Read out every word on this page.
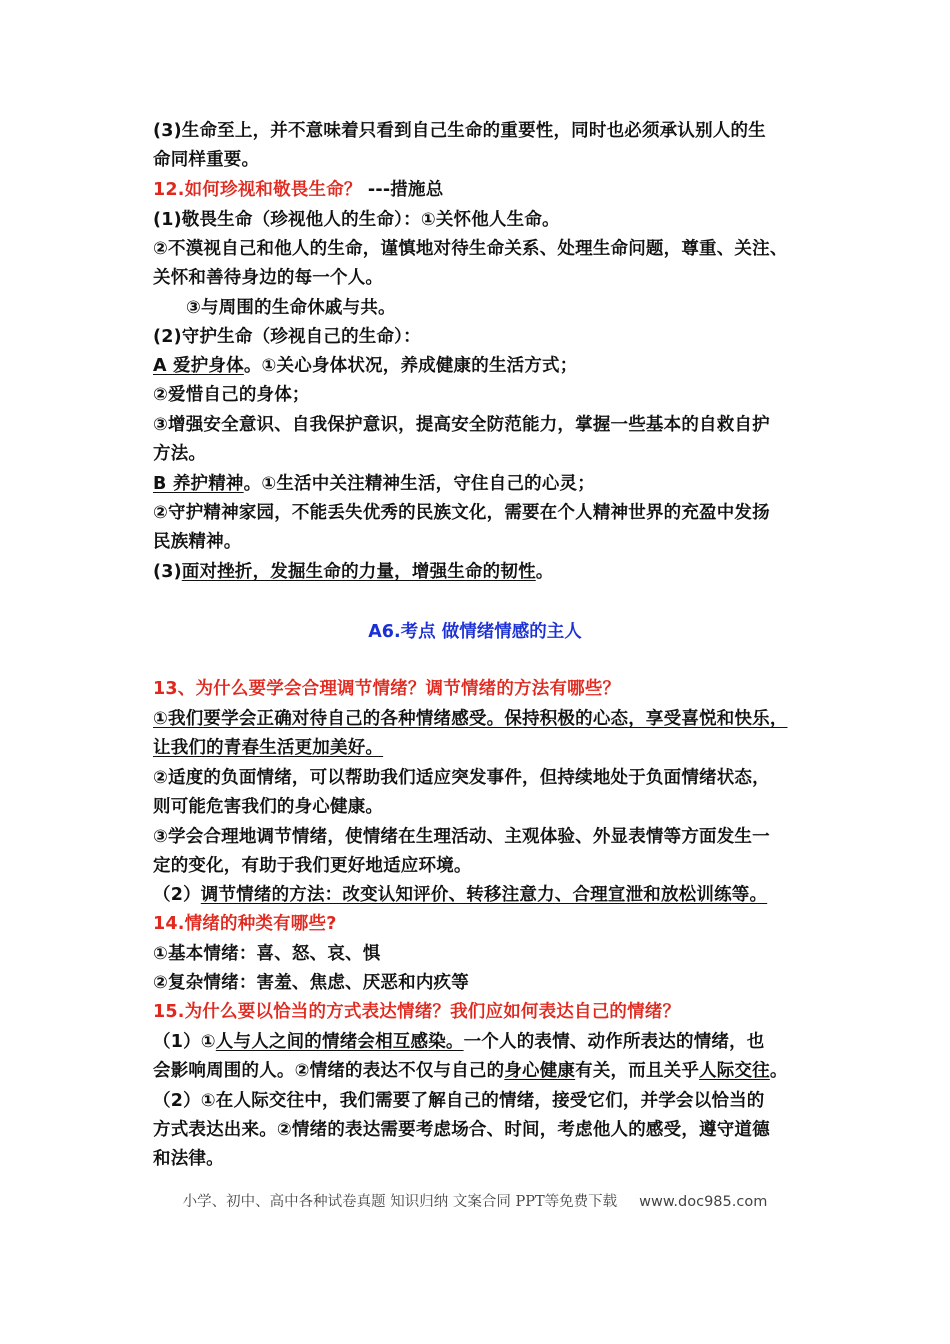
(3)生命至上，并不意味着只看到自己生命的重要性，同时也必须承认别人的生
命同样重要。
12.如何珍视和敬畏生命？ ---措施总
(1)敬畏生命（珍视他人的生命）：①关怀他人生命。
②不漠视自己和他人的生命，谨慎地对待生命关系、处理生命问题，尊重、关注、
关怀和善待身边的每一个人。
③与周围的生命休戚与共。
(2)守护生命（珍视自己的生命）：
A 爱护身体。①关心身体状况，养成健康的生活方式；
②爱惜自己的身体；
③增强安全意识、自我保护意识，提高安全防范能力，掌握一些基本的自救自护
方法。
B 养护精神。①生活中关注精神生活，守住自己的心灵；
②守护精神家园，不能丢失优秀的民族文化，需要在个人精神世界的充盈中发扬
民族精神。
(3)面对挫折，发掘生命的力量，增强生命的韧性。
A6.考点 做情绪情感的主人
13、为什么要学会合理调节情绪？调节情绪的方法有哪些？
①我们要学会正确对待自己的各种情绪感受。保持积极的心态，享受喜悦和快乐，
让我们的青春生活更加美好。
②适度的负面情绪，可以帮助我们适应突发事件，但持续地处于负面情绪状态，
则可能危害我们的身心健康。
③学会合理地调节情绪，使情绪在生理活动、主观体验、外显表情等方面发生一
定的变化，有助于我们更好地适应环境。
（2）调节情绪的方法：改变认知评价、转移注意力、合理宣泄和放松训练等。
14.情绪的种类有哪些?
①基本情绪：喜、怒、哀、惧
②复杂情绪：害羞、焦虑、厌恶和内疚等
15.为什么要以恰当的方式表达情绪？我们应如何表达自己的情绪？
（1）①人与人之间的情绪会相互感染。一个人的表情、动作所表达的情绪，也
会影响周围的人。②情绪的表达不仅与自己的身心健康有关，而且关乎人际交往。
（2）①在人际交往中，我们需要了解自己的情绪，接受它们，并学会以恰当的
方式表达出来。②情绪的表达需要考虑场合、时间，考虑他人的感受，遵守道德
和法律。
小学、初中、高中各种试卷真题 知识归纳 文案合同 PPT等免费下载 www.doc985.com
